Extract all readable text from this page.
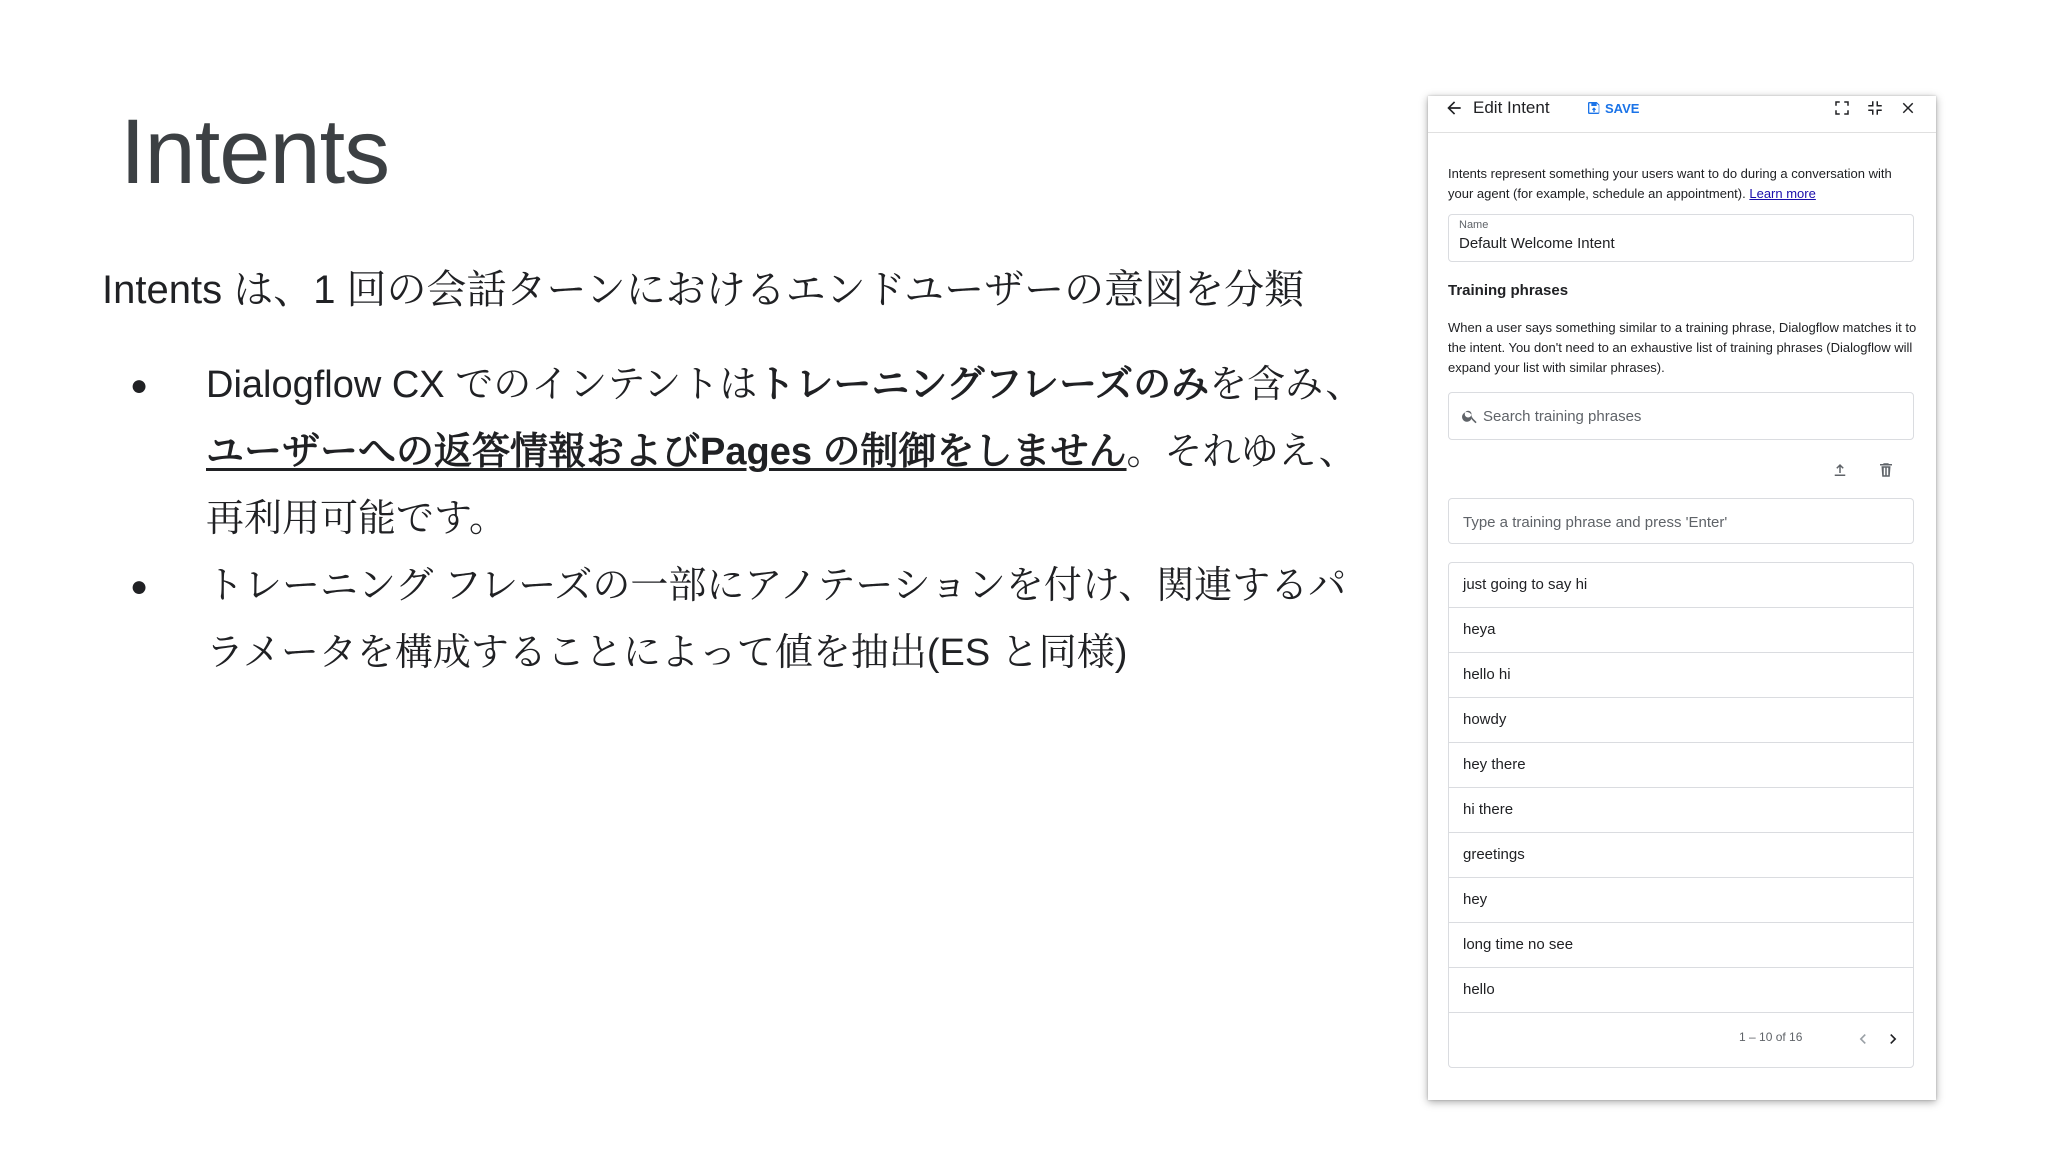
Intents
Intents は、1 回の会話ターンにおけるエンドユーザーの意図を分類
● Dialogflow CX でのインテントはトレーニングフレーズのみを含み、ユーザーへの返答情報およびPages の制御をしません。それゆえ、再利用可能です。
● トレーニング フレーズの一部にアノテーションを付け、関連するパラメータを構成することによって値を抽出(ES と同様)
Edit Intent	SAVE
Intents represent something your users want to do during a conversation with your agent (for example, schedule an appointment). Learn more
Name
Default Welcome Intent
Training phrases
When a user says something similar to a training phrase, Dialogflow matches it to the intent. You don't need to an exhaustive list of training phrases (Dialogflow will expand your list with similar phrases).
Search training phrases
Type a training phrase and press 'Enter'
just going to say hi
heya
hello hi
howdy
hey there
hi there
greetings
hey
long time no see
hello
1 – 10 of 16
